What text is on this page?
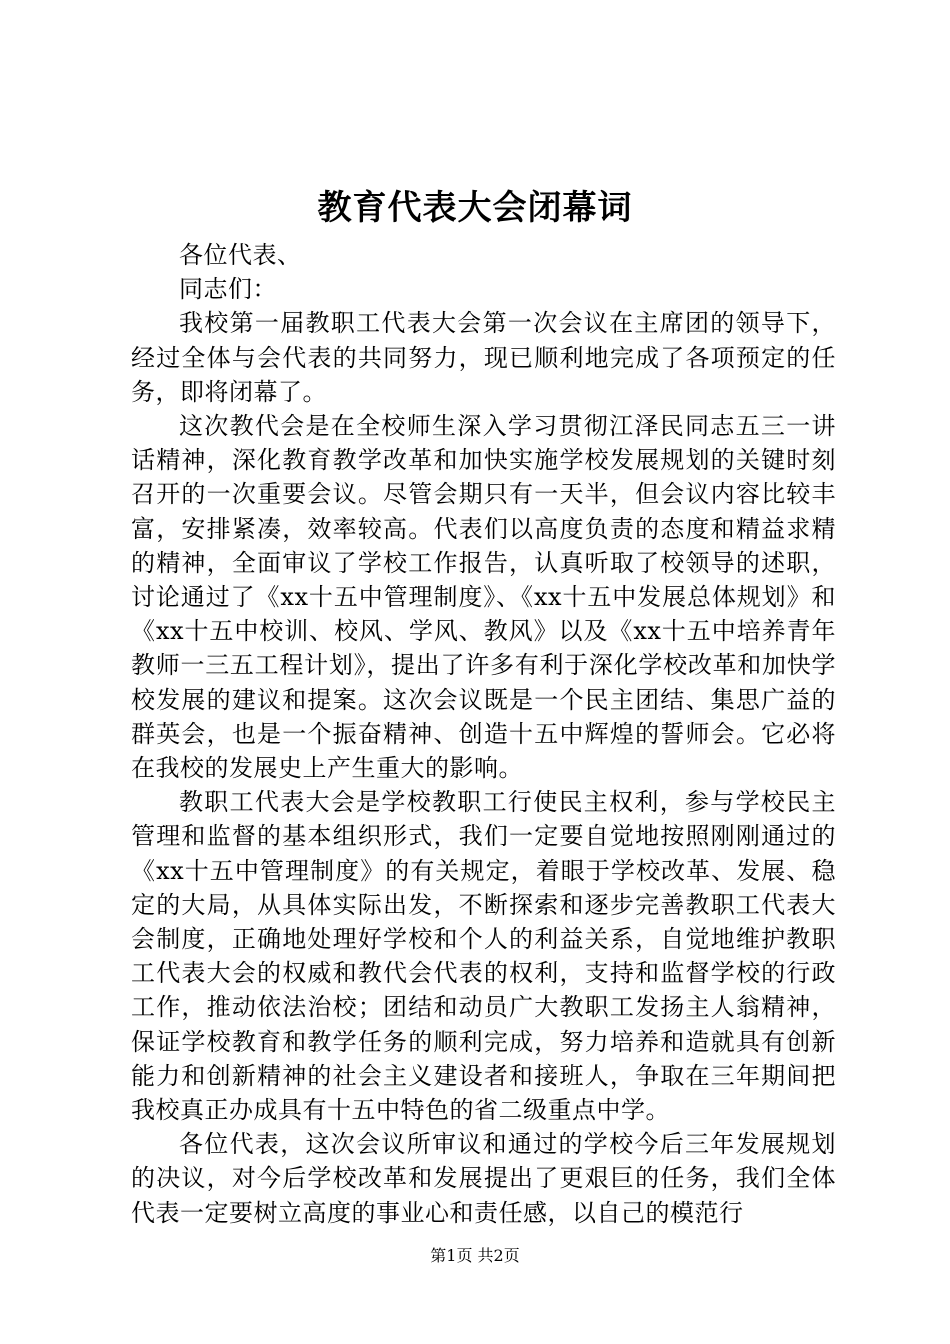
教育代表大会闭幕词

各位代表、

同志们：

我校第一届教职工代表大会第一次会议在主席团的领导下，经过全体与会代表的共同努力，现已顺利地完成了各项预定的任务，即将闭幕了。

这次教代会是在全校师生深入学习贯彻江泽民同志五三一讲话精神，深化教育教学改革和加快实施学校发展规划的关键时刻召开的一次重要会议。尽管会期只有一天半，但会议内容比较丰富，安排紧凑，效率较高。代表们以高度负责的态度和精益求精的精神，全面审议了学校工作报告，认真听取了校领导的述职，讨论通过了《xx十五中管理制度》、《xx十五中发展总体规划》和《xx十五中校训、校风、学风、教风》以及《xx十五中培养青年教师一三五工程计划》，提出了许多有利于深化学校改革和加快学校发展的建议和提案。这次会议既是一个民主团结、集思广益的群英会，也是一个振奋精神、创造十五中辉煌的誓师会。它必将在我校的发展史上产生重大的影响。

教职工代表大会是学校教职工行使民主权利，参与学校民主管理和监督的基本组织形式，我们一定要自觉地按照刚刚通过的《xx十五中管理制度》的有关规定，着眼于学校改革、发展、稳定的大局，从具体实际出发，不断探索和逐步完善教职工代表大会制度，正确地处理好学校和个人的利益关系，自觉地维护教职工代表大会的权威和教代会代表的权利，支持和监督学校的行政工作，推动依法治校；团结和动员广大教职工发扬主人翁精神，保证学校教育和教学任务的顺利完成，努力培养和造就具有创新能力和创新精神的社会主义建设者和接班人，争取在三年期间把我校真正办成具有十五中特色的省二级重点中学。

各位代表，这次会议所审议和通过的学校今后三年发展规划的决议，对今后学校改革和发展提出了更艰巨的任务，我们全体代表一定要树立高度的事业心和责任感，以自己的模范行

第1页 共2页
